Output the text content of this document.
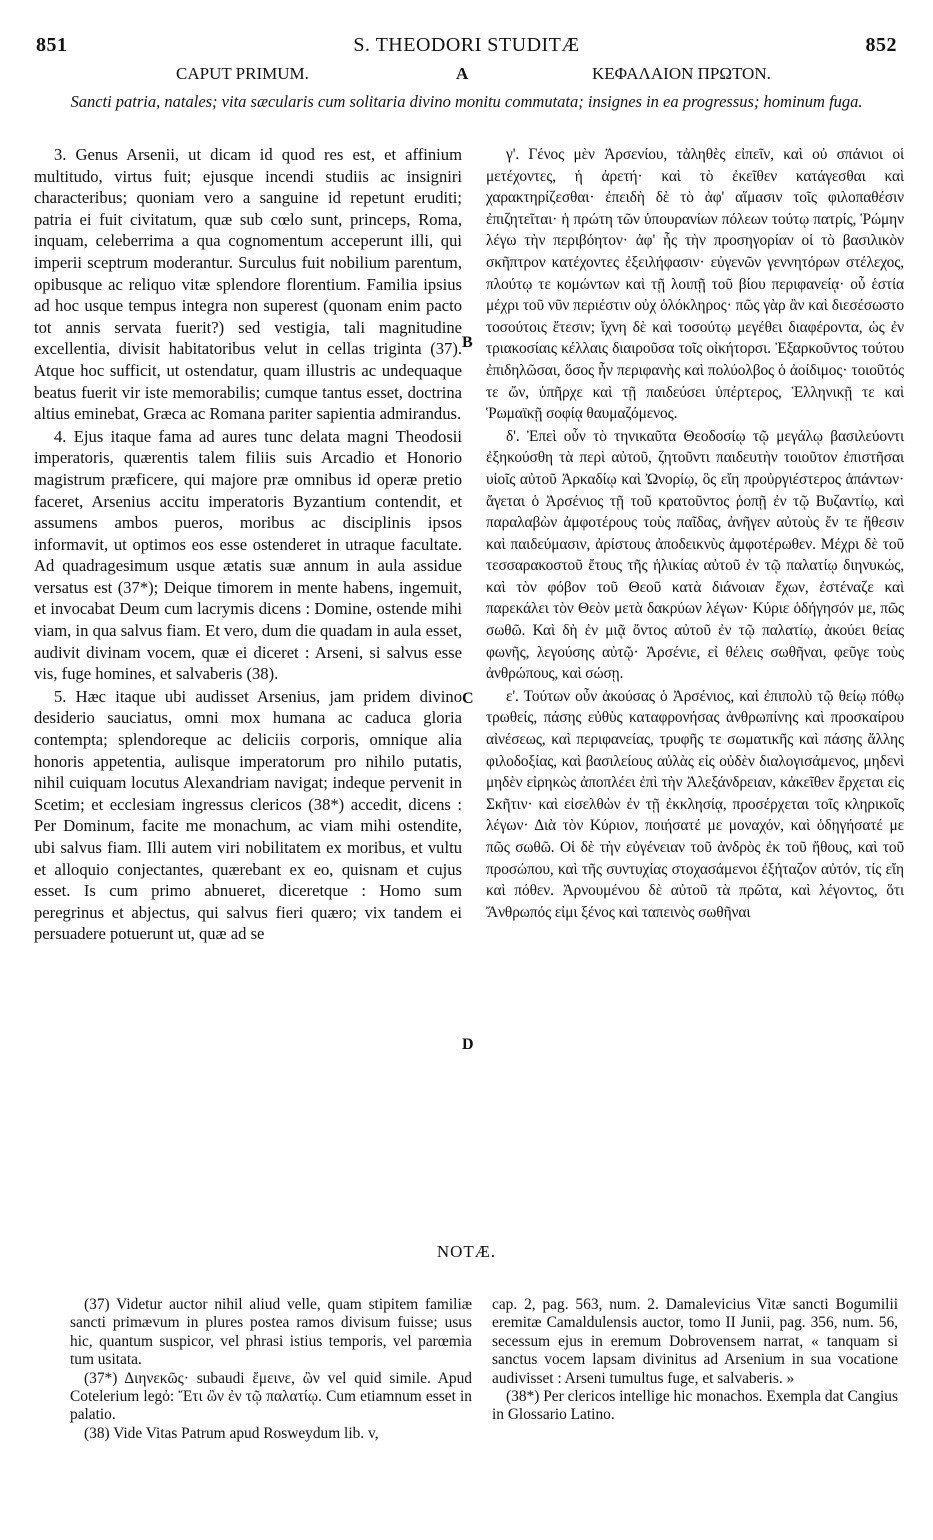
851	S. THEODORI STUDITÆ	852
CAPUT PRIMUM.	A	ΚΕΦΑΛΑΙΟΝ ΠΡΩΤΟΝ.
Sancti patria, natales; vita sæcularis cum solitaria divino monitu commutata; insignes in ea progressus; hominum fuga.

3. Genus Arsenii, ut dicam id quod res est, et affinium multitudo, virtus fuit; ejusque incendi studiis ac insigniri characteribus; quoniam vero a sanguine id repetunt eruditi; patria ei fuit civitatum, quæ sub cœlo sunt, princeps, Roma, inquam, celeberrima a qua cognomentum acceperunt illi, qui imperii sceptrum moderantur. Surculus fuit nobilium parentum, opibusque ac reliquo vitæ splendore florentium. Familia ipsius ad hoc usque tempus integra non superest (quonam enim pacto tot annis servata fuerit?) sed vestigia, tali magnitudine excellentia, divisit habitatoribus velut in cellas triginta (37). Atque hoc sufficit, ut ostendatur, quam illustris ac undequaque beatus fuerit vir iste memorabilis; cumque tantus esset, doctrina altius eminebat, Græca ac Romana pariter sapientia admirandus.

4. Ejus itaque fama ad aures tunc delata magni Theodosii imperatoris, quærentis talem filiis suis Arcadio et Honorio magistrum præficere, qui majore præ omnibus id operæ pretio faceret, Arsenius accitu imperatoris Byzantium contendit, et assumens ambos pueros, moribus ac disciplinis ipsos informavit, ut optimos eos esse ostenderet in utraque facultate. Ad quadragesimum usque ætatis suæ annum in aula assidue versatus est (37*); Deique timorem in mente habens, ingemuit, et invocabat Deum cum lacrymis dicens : Domine, ostende mihi viam, in qua salvus fiam. Et vero, dum die quadam in aula esset, audivit divinam vocem, quæ ei diceret : Arseni, si salvus esse vis, fuge homines, et salvaberis (38).

5. Hæc itaque ubi audisset Arsenius, jam pridem divino desiderio sauciatus, omni mox humana ac caduca gloria contempta; splendoreque ac deliciis corporis, omnique alia honoris appetentia, aulisque imperatorum pro nihilo putatis, nihil cuiquam locutus Alexandriam navigat; indeque pervenit in Scetim; et ecclesiam ingressus clericos (38*) accedit, dicens : Per Dominum, facite me monachum, ac viam mihi ostendite, ubi salvus fiam. Illi autem viri nobilitatem ex moribus, et vultu et alloquio conjectantes, quærebant ex eo, quisnam et cujus esset. Is cum primo abnueret, diceretque : Homo sum peregrinus et abjectus, qui salvus fieri quæro; vix tandem ei persuadere potuerunt ut, quæ ad se

B
C
D

γ'. Γένος μὲν Ἀρσενίου, τἀληθὲς εἰπεῖν, καὶ οὐ σπάνιοι οἱ μετέχοντες, ἡ ἀρετή· καὶ τὸ ἐκεῖθεν κατάγεσθαι καὶ χαρακτηρίζεσθαι· ἐπειδὴ δὲ τὸ ἀφ' αἵμασιν τοῖς φιλοπαθέσιν ἐπιζητεῖται· ἡ πρώτη τῶν ὑπουρανίων πόλεων τούτῳ πατρίς, Ῥώμην λέγω τὴν περιβόητον· ἀφ' ἧς τὴν προσηγορίαν οἱ τὸ βασιλικὸν σκῆπτρον κατέχοντες ἐξειλήφασιν· εὐγενῶν γεννητόρων στέλεχος, πλούτῳ τε κομώντων καὶ τῇ λοιπῇ τοῦ βίου περιφανείᾳ· οὗ ἑστία μέχρι τοῦ νῦν περιέστιν οὐχ ὁλόκληρος· πῶς γὰρ ἂν καὶ διεσέσωστο τοσούτοις ἔτεσιν; ἴχνη δὲ καὶ τοσούτῳ μεγέθει διαφέροντα, ὡς ἐν τριακοσίαις κέλλαις διαιροῦσα τοῖς οἰκήτορσι. Ἐξαρκοῦντος τούτου ἐπιδηλῶσαι, ὅσος ἦν περιφανὴς καὶ πολύολβος ὁ ἀοίδιμος· τοιοῦτός τε ὤν, ὑπῆρχε καὶ τῇ παιδεύσει ὑπέρτερος, Ἑλληνικῇ τε καὶ Ῥωμαϊκῇ σοφίᾳ θαυμαζόμενος.

δ'. Ἐπεὶ οὖν τὸ τηνικαῦτα Θεοδοσίῳ τῷ μεγάλῳ βασιλεύοντι ἐξηκούσθη τὰ περὶ αὐτοῦ, ζητοῦντι παιδευτὴν τοιοῦτον ἐπιστῆσαι υἱοῖς αὐτοῦ Ἀρκαδίῳ καὶ Ὠνορίῳ, ὃς εἴη προὐργιέστερος ἁπάντων· ἄγεται ὁ Ἀρσένιος τῇ τοῦ κρατοῦντος ῥοπῇ ἐν τῷ Βυζαντίῳ, καὶ παραλαβὼν ἀμφοτέρους τοὺς παῖδας, ἀνῆγεν αὐτοὺς ἔν τε ἤθεσιν καὶ παιδεύμασιν, ἀρίστους ἀποδεικνὺς ἀμφοτέρωθεν. Μέχρι δὲ τοῦ τεσσαρακοστοῦ ἔτους τῆς ἡλικίας αὐτοῦ ἐν τῷ παλατίῳ διηνυκώς, καὶ τὸν φόβον τοῦ Θεοῦ κατὰ διάνοιαν ἔχων, ἐστέναζε καὶ παρεκάλει τὸν Θεὸν μετὰ δακρύων λέγων· Κύριε ὁδήγησόν με, πῶς σωθῶ. Καὶ δὴ ἐν μιᾷ ὄντος αὐτοῦ ἐν τῷ παλατίῳ, ἀκούει θείας φωνῆς, λεγούσης αὐτῷ· Ἀρσένιε, εἰ θέλεις σωθῆναι, φεῦγε τοὺς ἀνθρώπους, καὶ σώσῃ.

ε'. Τούτων οὖν ἀκούσας ὁ Ἀρσένιος, καὶ ἐπιπολὺ τῷ θείῳ πόθῳ τρωθείς, πάσης εὐθὺς καταφρονήσας ἀνθρωπίνης καὶ προσκαίρου αἰνέσεως, καὶ περιφανείας, τρυφῆς τε σωματικῆς καὶ πάσης ἄλλης φιλοδοξίας, καὶ βασιλείους αὐλὰς εἰς οὐδὲν διαλογισάμενος, μηδενὶ μηδὲν εἰρηκὼς ἀποπλέει ἐπὶ τὴν Ἀλεξάνδρειαν, κἀκεῖθεν ἔρχεται εἰς Σκῆτιν· καὶ εἰσελθὼν ἐν τῇ ἐκκλησίᾳ, προσέρχεται τοῖς κληρικοῖς λέγων· Διὰ τὸν Κύριον, ποιήσατέ με μοναχόν, καὶ ὁδηγήσατέ με πῶς σωθῶ. Οἱ δὲ τὴν εὐγένειαν τοῦ ἀνδρὸς ἐκ τοῦ ἤθους, καὶ τοῦ προσώπου, καὶ τῆς συντυχίας στοχασάμενοι ἐξήταζον αὐτόν, τίς εἴη καὶ πόθεν. Ἀρνουμένου δὲ αὐτοῦ τὰ πρῶτα, καὶ λέγοντος, ὅτι Ἄνθρωπός εἰμι ξένος καὶ ταπεινὸς σωθῆναι

NOTÆ.

(37) Videtur auctor nihil aliud velle, quam stipitem familiæ sancti primævum in plures postea ramos divisum fuisse; usus hic, quantum suspicor, vel phrasi istius temporis, vel parœmia tum usitata.

(37*) Διηνεκῶς· subaudi ἔμεινε, ὢν vel quid simile. Apud Cotelerium legὀ: Ἔτι ὢν ἐν τῷ παλατίῳ. Cum etiamnum esset in palatio.

(38) Vide Vitas Patrum apud Rosweydum lib. v,

cap. 2, pag. 563, num. 2. Damalevicius Vitæ sancti Bogumilii eremitæ Camaldulensis auctor, tomo II Junii, pag. 356, num. 56, secessum ejus in eremum Dobrovensem narrat, « tanquam si sanctus vocem lapsam divinitus ad Arsenium in sua vocatione audivisset : Arseni tumultus fuge, et salvaberis. »

(38*) Per clericos intellige hic monachos. Exempla dat Cangius in Glossario Latino.
